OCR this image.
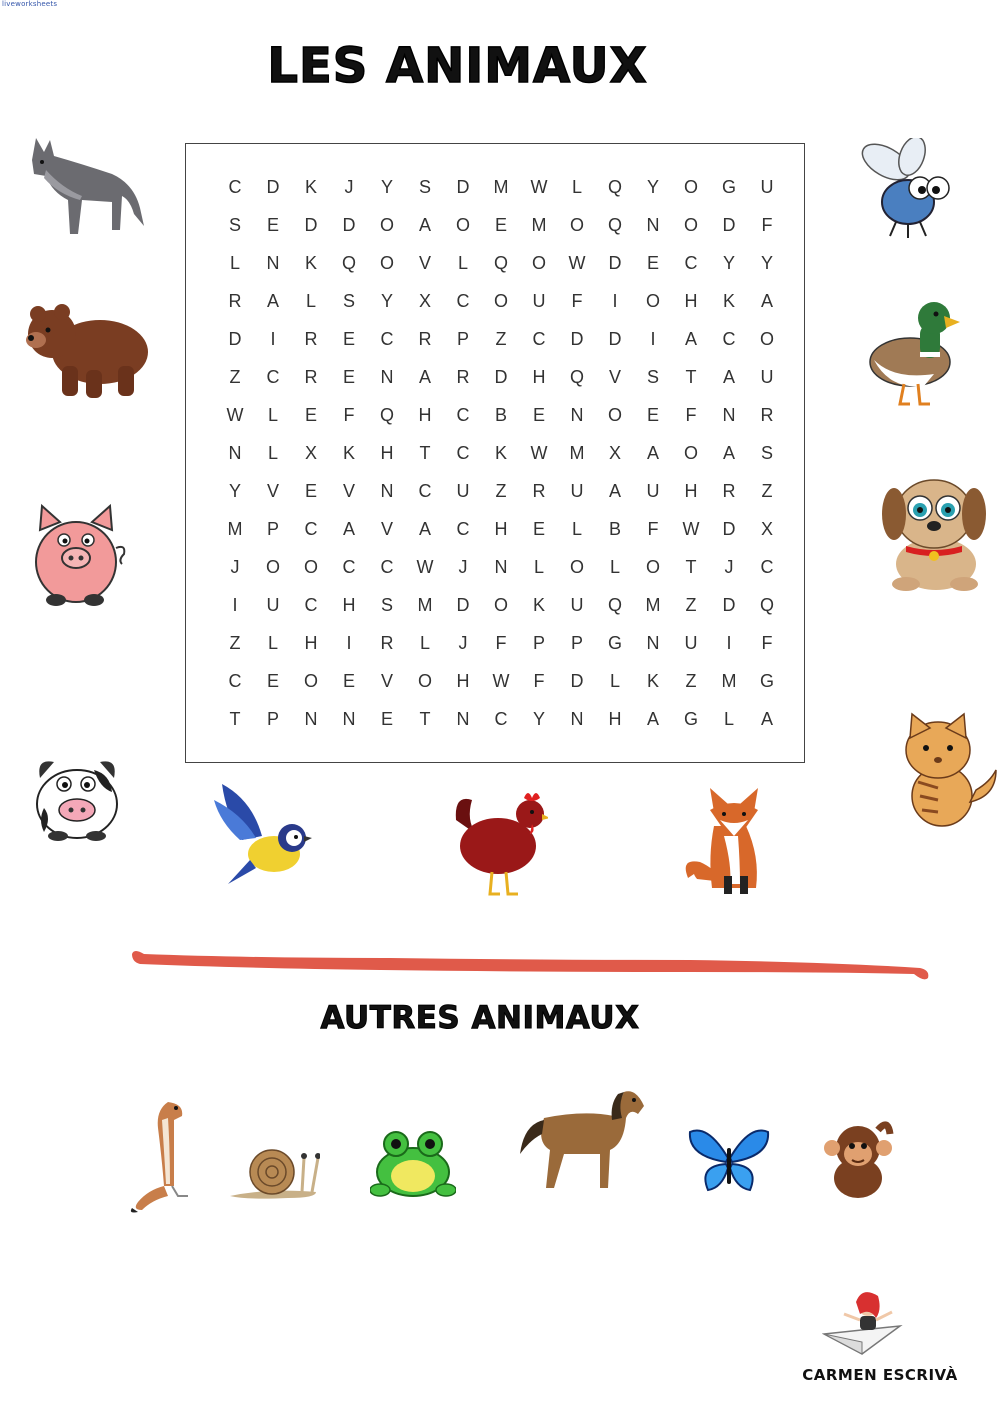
liveworksheets
LES ANIMAUX
C	D	K	J	Y	S	D	M	W	L	Q	Y	O	G	U
S	E	D	D	O	A	O	E	M	O	Q	N	O	D	F
L	N	K	Q	O	V	L	Q	O	W	D	E	C	Y	Y
R	A	L	S	Y	X	C	O	U	F	I	O	H	K	A
D	I	R	E	C	R	P	Z	C	D	D	I	A	C	O
Z	C	R	E	N	A	R	D	H	Q	V	S	T	A	U
W	L	E	F	Q	H	C	B	E	N	O	E	F	N	R
N	L	X	K	H	T	C	K	W	M	X	A	O	A	S
Y	V	E	V	N	C	U	Z	R	U	A	U	H	R	Z
M	P	C	A	V	A	C	H	E	L	B	F	W	D	X
J	O	O	C	C	W	J	N	L	O	L	O	T	J	C
I	U	C	H	S	M	D	O	K	U	Q	M	Z	D	Q
Z	L	H	I	R	L	J	F	P	P	G	N	U	I	F
C	E	O	E	V	O	H	W	F	D	L	K	Z	M	G
T	P	N	N	E	T	N	C	Y	N	H	A	G	L	A
AUTRES ANIMAUX
CARMEN ESCRIVÀ
